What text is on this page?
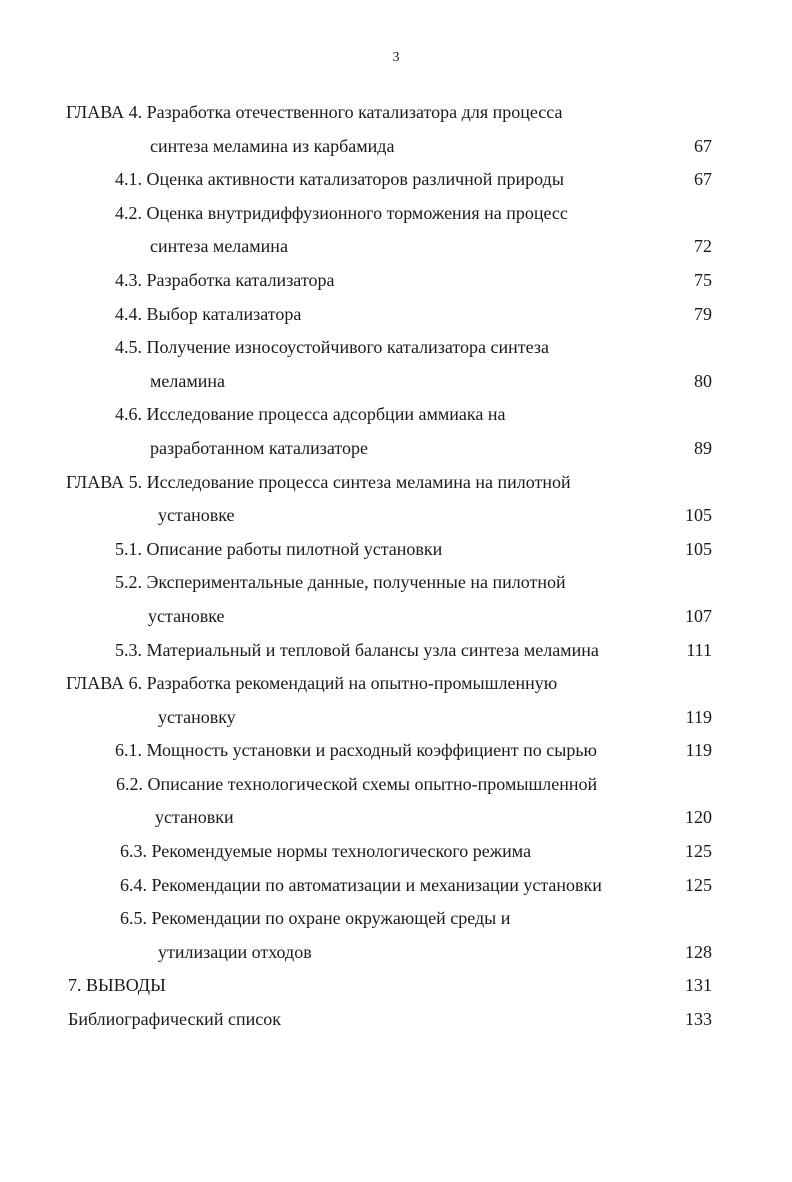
3
ГЛАВА 4. Разработка отечественного катализатора для процесса
синтеза меламина из карбамида	67
4.1. Оценка активности катализаторов различной природы	67
4.2. Оценка внутридиффузионного торможения на процесс
синтеза меламина	72
4.3. Разработка катализатора	75
4.4. Выбор катализатора	79
4.5. Получение износоустойчивого катализатора синтеза
меламина	80
4.6. Исследование процесса адсорбции аммиака на
разработанном катализаторе	89
ГЛАВА 5. Исследование процесса синтеза меламина на пилотной
установке	105
5.1. Описание работы пилотной установки	105
5.2. Экспериментальные данные, полученные на пилотной
установке	107
5.3. Материальный и тепловой балансы узла синтеза меламина	111
ГЛАВА 6. Разработка рекомендаций на опытно-промышленную
установку	119
6.1. Мощность установки и расходный коэффициент по сырью	119
6.2. Описание технологической схемы опытно-промышленной
установки	120
6.3. Рекомендуемые нормы технологического режима	125
6.4. Рекомендации по автоматизации и механизации установки	125
6.5. Рекомендации по охране окружающей среды и
утилизации отходов	128
7. ВЫВОДЫ	131
Библиографический список	133
